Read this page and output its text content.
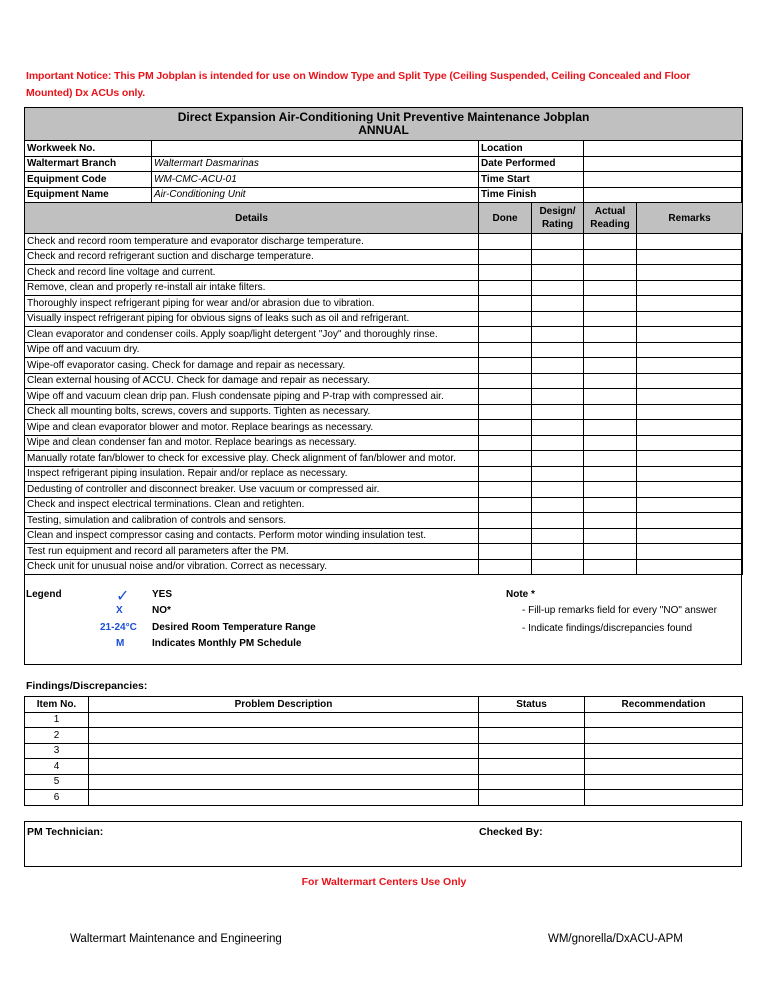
Important Notice: This PM Jobplan is intended for use on Window Type and Split Type (Ceiling Suspended, Ceiling Concealed and Floor Mounted) Dx ACUs only.
Direct Expansion Air-Conditioning Unit Preventive Maintenance Jobplan
ANNUAL					

Workweek No.		Location			
Waltermart Branch	Waltermart Dasmarinas	Date Performed			
Equipment Code	WM-CMC-ACU-01	Time Start			
Equipment Name	Air-Conditioning Unit	Time Finish			
Details		Done	Design/ Rating	Actual Reading	Remarks
Check and record room temperature and evaporator discharge temperature.					
Check and record refrigerant suction and discharge temperature.					
Check and record line voltage and current.					
Remove, clean and properly re-install air intake filters.					
Thoroughly inspect refrigerant piping for wear and/or abrasion due to vibration.					
Visually inspect refrigerant piping for obvious signs of leaks such as oil and refrigerant.					
Clean evaporator and condenser coils. Apply soap/light detergent "Joy" and thoroughly rinse.					
Wipe off and vacuum dry.					
Wipe-off evaporator casing. Check for damage and repair as necessary.					
Clean external housing of ACCU. Check for damage and repair as necessary.					
Wipe off and vacuum clean drip pan. Flush condensate piping and P-trap with compressed air.					
Check all mounting bolts, screws, covers and supports. Tighten as necessary.					
Wipe and clean evaporator blower and motor. Replace bearings as necessary.					
Wipe and clean condenser fan and motor. Replace bearings as necessary.					
Manually rotate fan/blower to check for excessive play. Check alignment of fan/blower and motor.					
Inspect refrigerant piping insulation. Repair and/or replace as necessary.					
Dedusting of controller and disconnect breaker. Use vacuum or compressed air.					
Check and inspect electrical terminations. Clean and retighten.					
Testing, simulation and calibration of controls and sensors.					
Clean and inspect compressor casing and contacts. Perform motor winding insulation test.					
Test run equipment and record all parameters after the PM.					
Check unit for unusual noise and/or vibration. Correct as necessary.					
Legend	✓ YES
X	NO*
21-24°C Desired Room Temperature Range
M	Indicates Monthly PM Schedule
Note *
- Fill-up remarks field for every "NO" answer
- Indicate findings/discrepancies found
Findings/Discrepancies:
Item No.	Problem Description	Status	Recommendation
1			
2			
3			
4			
5			
6			
PM Technician:	Checked By:
For Waltermart Centers Use Only
Waltermart Maintenance and Engineering	WM/gnorella/DxACU-APM
